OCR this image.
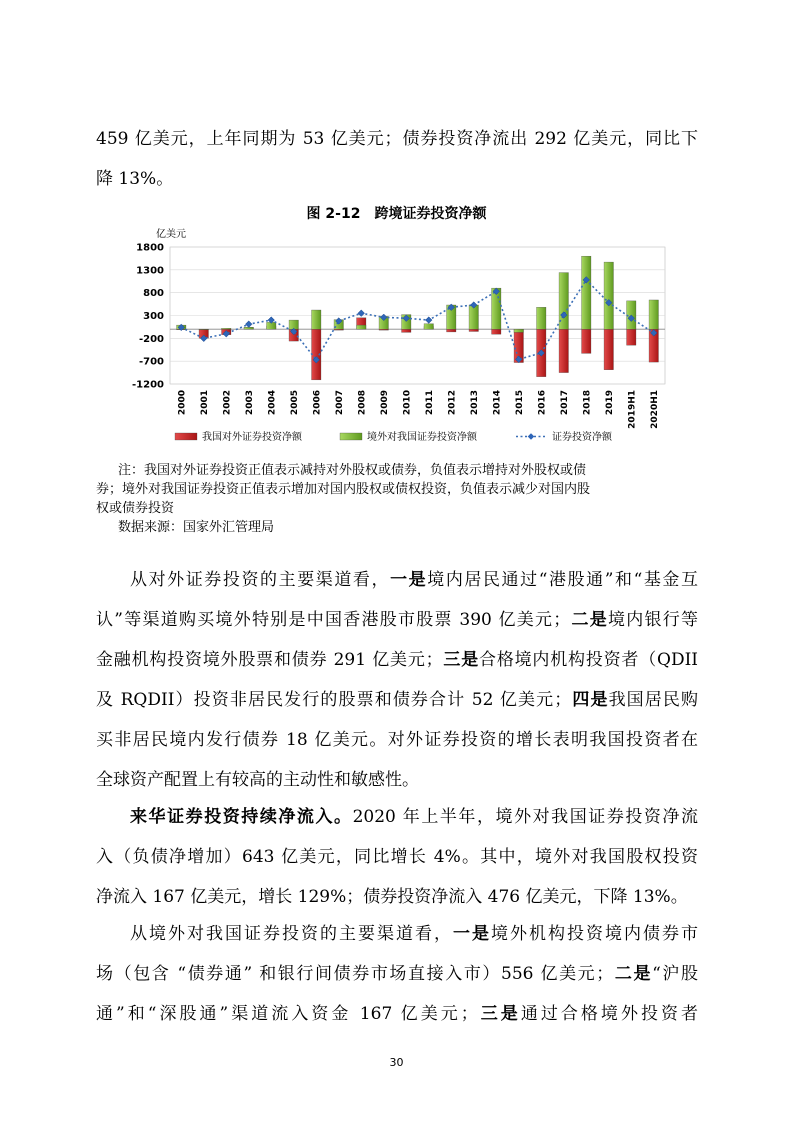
459 亿美元，上年同期为 53 亿美元；债券投资净流出 292 亿美元，同比下
降 13%。
图 2-12　跨境证券投资净额
亿美元
1800
1300
800
300
-200
-700
-1200
2000 2001 2002 2003 2004 2005 2006 2007 2008 2009 2010 2011 2012 2013 2014 2015 2016 2017 2018 2019 2019H1 2020H1
我国对外证券投资净额	境外对我国证券投资净额	证券投资净额
注：我国对外证券投资正值表示减持对外股权或债券，负值表示增持对外股权或债
券；境外对我国证券投资正值表示增加对国内股权或债权投资，负值表示减少对国内股
权或债券投资
数据来源：国家外汇管理局
从对外证券投资的主要渠道看，一是境内居民通过“港股通”和“基金互
认”等渠道购买境外特别是中国香港股市股票 390 亿美元；二是境内银行等
金融机构投资境外股票和债券 291 亿美元；三是合格境内机构投资者（QDII
及 RQDII）投资非居民发行的股票和债券合计 52 亿美元；四是我国居民购
买非居民境内发行债券 18 亿美元。对外证券投资的增长表明我国投资者在
全球资产配置上有较高的主动性和敏感性。
来华证券投资持续净流入。2020 年上半年，境外对我国证券投资净流
入（负债净增加）643 亿美元，同比增长 4%。其中，境外对我国股权投资
净流入 167 亿美元，增长 129%；债券投资净流入 476 亿美元，下降 13%。
从境外对我国证券投资的主要渠道看，一是境外机构投资境内债券市
场（包含 “债券通” 和银行间债券市场直接入市）556 亿美元；二是“沪股
通”和“深股通”渠道流入资金 167 亿美元；三是通过合格境外投资者
30
